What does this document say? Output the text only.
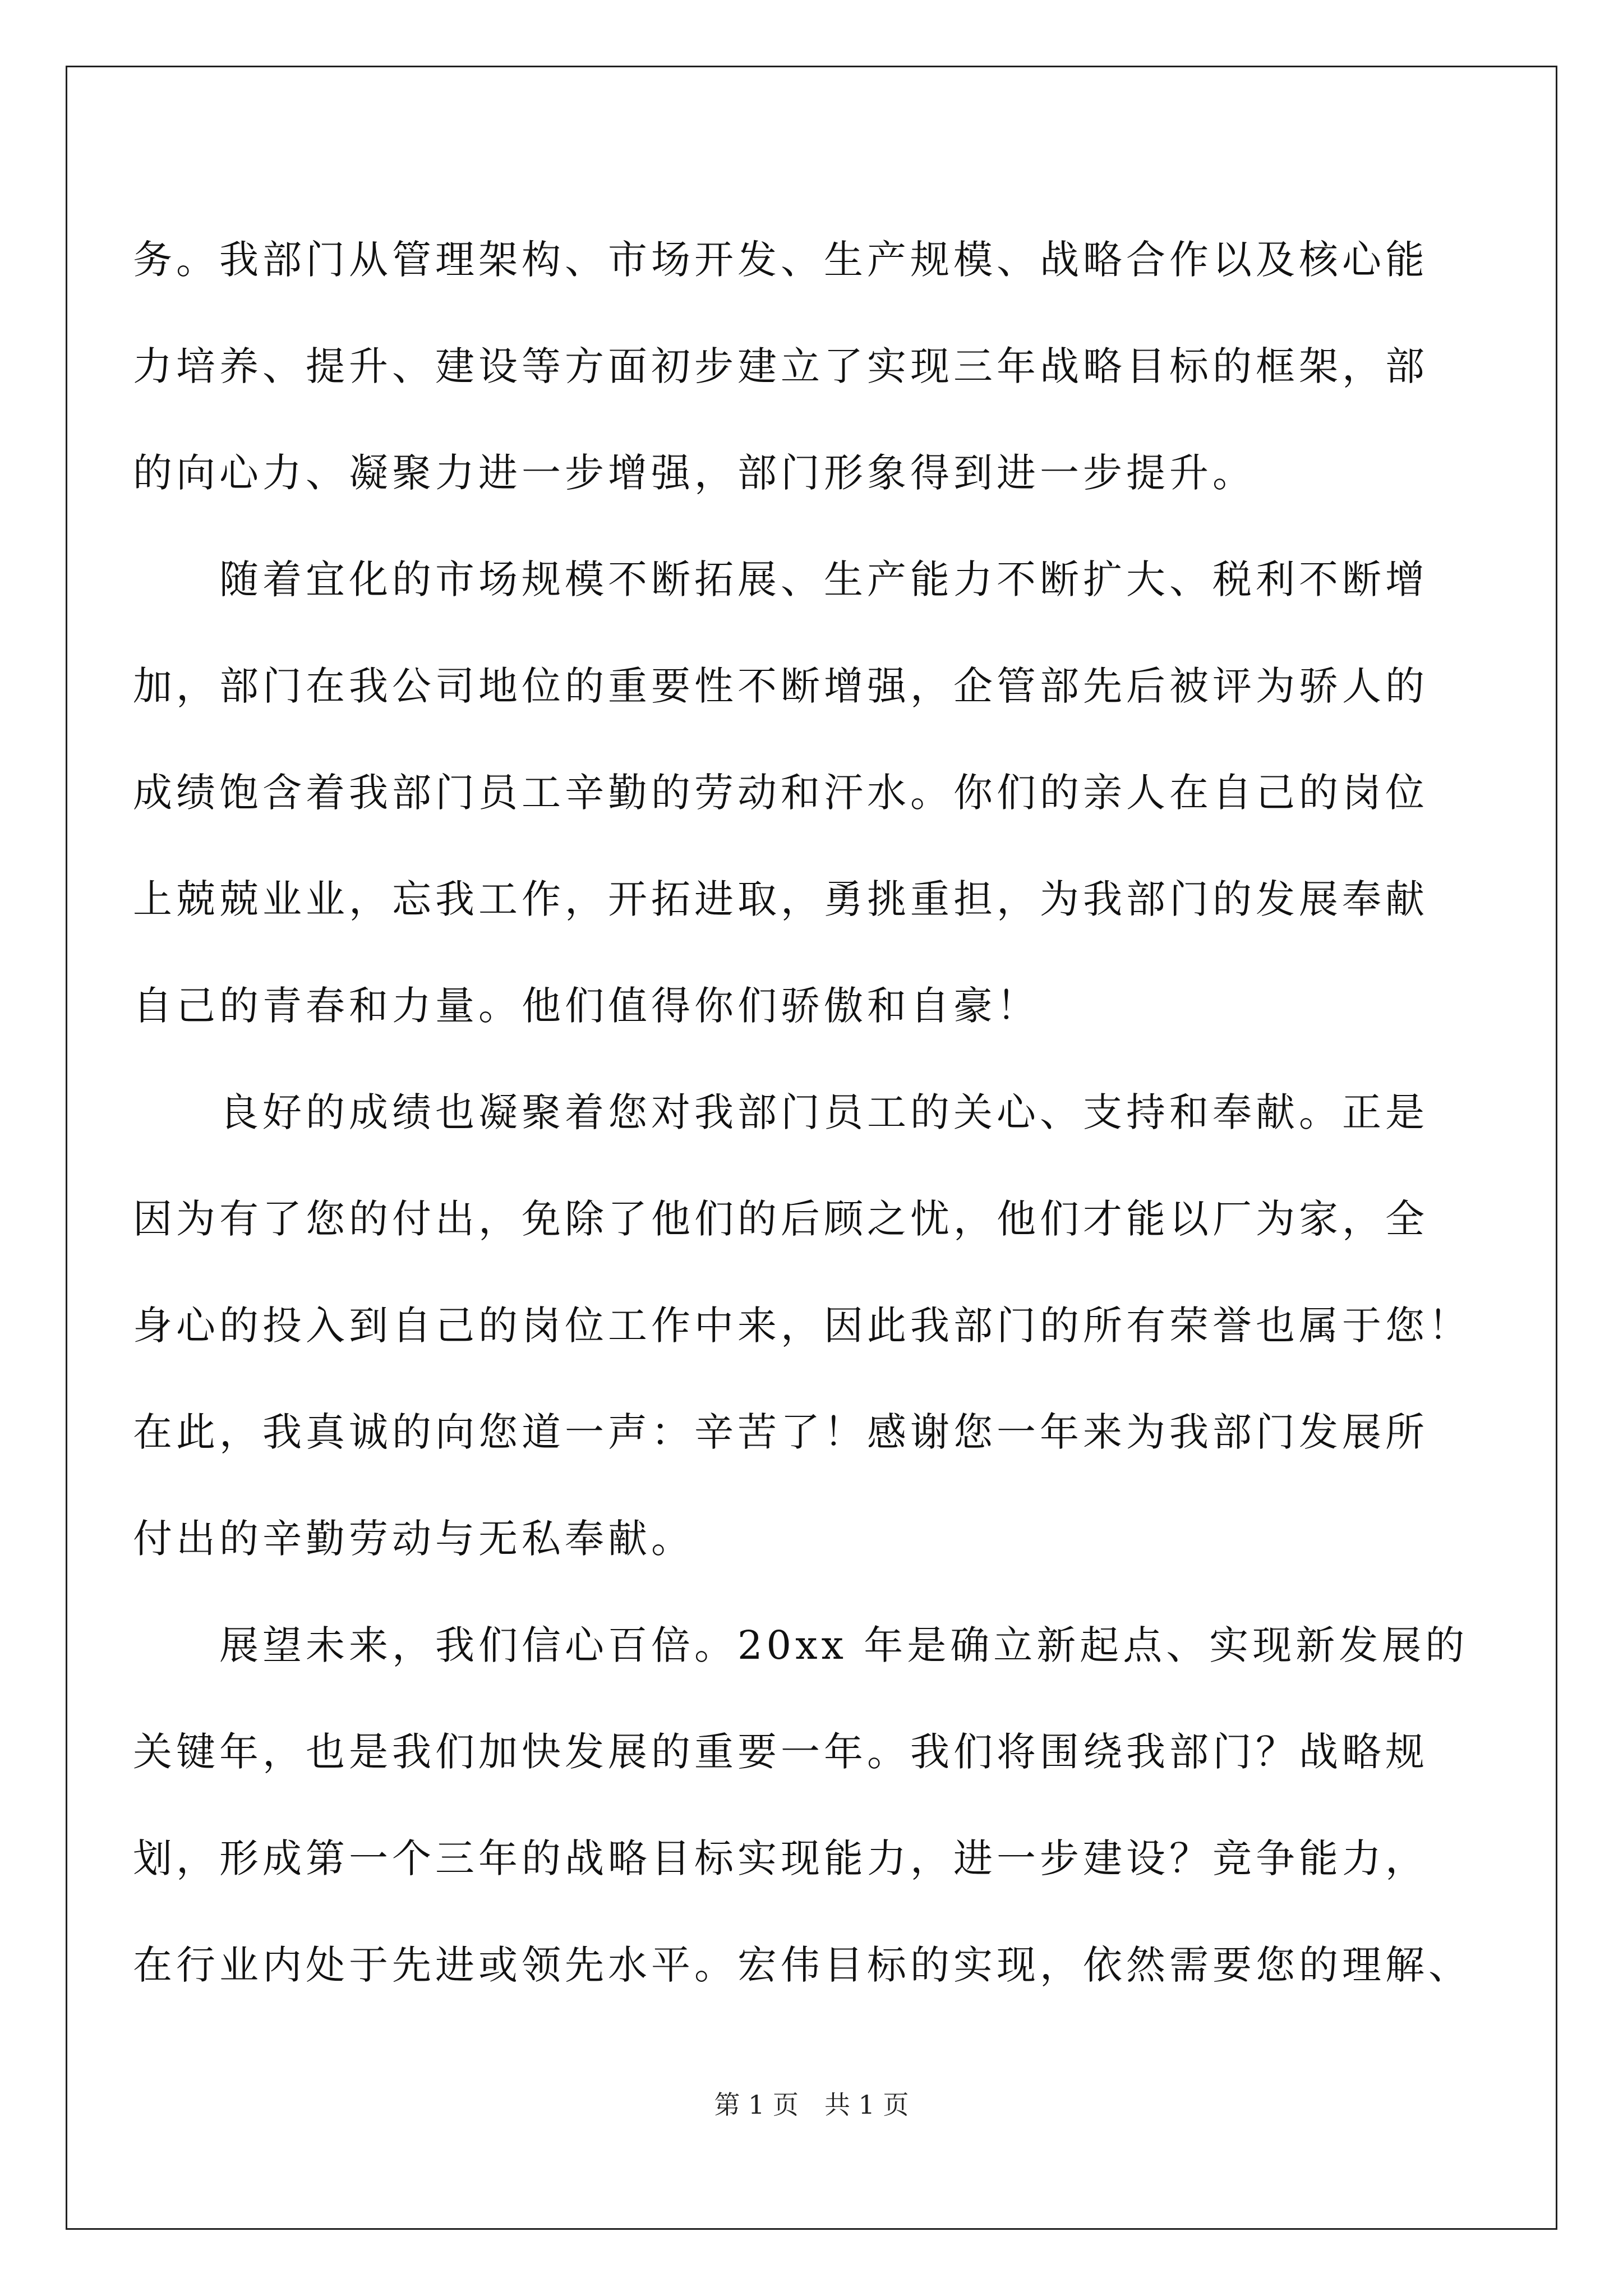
务。我部门从管理架构、市场开发、生产规模、战略合作以及核心能
力培养、提升、建设等方面初步建立了实现三年战略目标的框架，部
的向心力、凝聚力进一步增强，部门形象得到进一步提升。
　　随着宜化的市场规模不断拓展、生产能力不断扩大、税利不断增
加，部门在我公司地位的重要性不断增强，企管部先后被评为骄人的
成绩饱含着我部门员工辛勤的劳动和汗水。你们的亲人在自己的岗位
上兢兢业业，忘我工作，开拓进取，勇挑重担，为我部门的发展奉献
自己的青春和力量。他们值得你们骄傲和自豪！
　　良好的成绩也凝聚着您对我部门员工的关心、支持和奉献。正是
因为有了您的付出，免除了他们的后顾之忧，他们才能以厂为家，全
身心的投入到自己的岗位工作中来，因此我部门的所有荣誉也属于您！
在此，我真诚的向您道一声：辛苦了！感谢您一年来为我部门发展所
付出的辛勤劳动与无私奉献。
　　展望未来，我们信心百倍。20xx 年是确立新起点、实现新发展的
关键年，也是我们加快发展的重要一年。我们将围绕我部门？战略规
划，形成第一个三年的战略目标实现能力，进一步建设？竞争能力，
在行业内处于先进或领先水平。宏伟目标的实现，依然需要您的理解、
第 1 页　共 1 页
